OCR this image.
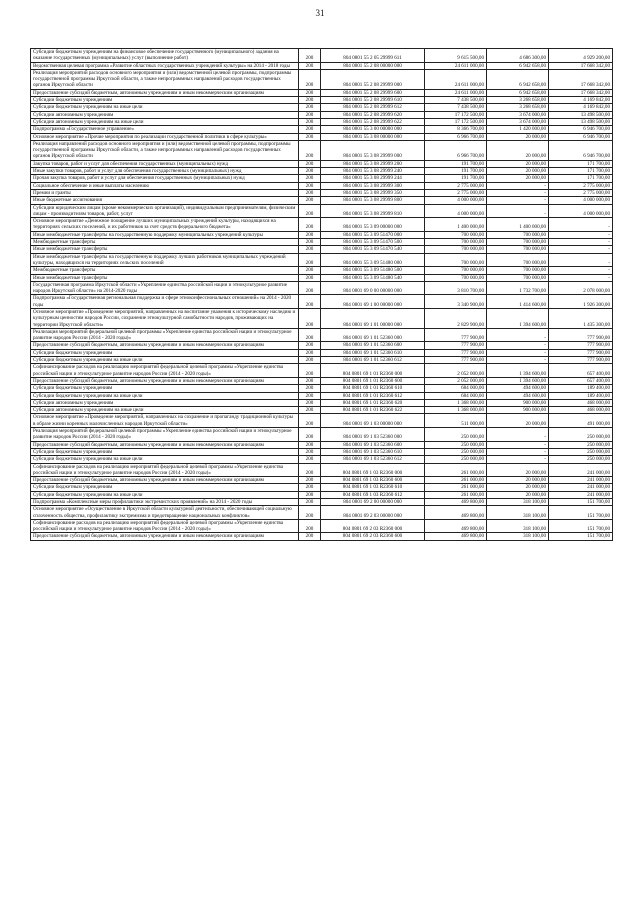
31
Субсидии бюджетным учреждениям на финансовое обеспечение государственного (муниципального) задания на оказание государственных (муниципальных) услуг (выполнение работ)	200	804 0801 55 2 05 29999 611	9 615 500,00	4 686 300,00	4 929 200,00
Ведомственная целевая программа «Развитие областных государственных учреждений культуры» на 2014 - 2018 годы	200	804 0801 55 2 08 00000 000	24 611 000,00	6 942 658,00	17 668 342,00
Реализация мероприятий расходов основного мероприятия и (или) ведомственной целевой программы, подпрограммы государственной программы Иркутской области, а также непрограммных направлений расходов государственных органов Иркутской области	200	804 0801 55 2 08 29999 000	24 611 000,00	6 942 658,00	17 668 342,00
Предоставление субсидий бюджетным, автономным учреждениям и иным некоммерческим организациям	200	804 0801 55 2 08 29999 600	24 611 000,00	6 942 658,00	17 668 342,00
Субсидии бюджетным учреждениям	200	804 0801 55 2 08 29999 610	7 438 500,00	3 268 658,00	4 169 842,00
Субсидии бюджетным учреждениям на иные цели	200	804 0801 55 2 08 29999 612	7 438 500,00	3 268 658,00	4 169 842,00
Субсидии автономным учреждениям	200	804 0801 55 2 08 29999 620	17 172 500,00	3 674 000,00	13 498 500,00
Субсидии автономным учреждениям на иные цели	200	804 0801 55 2 08 29999 622	17 172 500,00	3 674 000,00	13 498 500,00
Подпрограмма «Государственное управление»	200	804 0801 55 3 00 00000 000	8 366 700,00	1 420 000,00	6 946 700,00
Основное мероприятие «Прочие мероприятия по реализации государственной политики в сфере культуры»	200	804 0801 55 3 08 00000 000	6 966 700,00	20 000,00	6 946 700,00
Реализация направлений расходов основного мероприятия и (или) ведомственной целевой программы, подпрограммы государственной программы Иркутской области, а также непрограммных направлений расходов государственных органов Иркутской области	200	804 0801 55 3 08 29999 000	6 966 700,00	20 000,00	6 946 700,00
Закупка товаров, работ и услуг для обеспечения государственных (муниципальных) нужд	200	804 0801 55 3 08 29999 200	191 700,00	20 000,00	171 700,00
Иные закупки товаров, работ и услуг для обеспечения государственных (муниципальных) нужд	200	804 0801 55 3 08 29999 240	191 700,00	20 000,00	171 700,00
Прочая закупка товаров, работ и услуг для обеспечения государственных (муниципальных) нужд	200	804 0801 55 3 08 29999 244	191 700,00	20 000,00	171 700,00
Социальное обеспечение и иные выплаты населению	200	804 0801 55 3 08 29999 300	2 775 000,00	-	2 775 000,00
Премии и гранты	200	804 0801 55 3 08 29999 350	2 775 000,00	-	2 775 000,00
Иные бюджетные ассигнования	200	804 0801 55 3 08 29999 800	4 000 000,00	-	4 000 000,00
Субсидии юридическим лицам (кроме некоммерческих организаций), индивидуальным предпринимателям, физическим лицам - производителям товаров, работ, услуг	200	804 0801 55 3 08 29999 810	4 000 000,00	-	4 000 000,00
Основное мероприятие «Денежное поощрение лучших муниципальных учреждений культуры, находящихся на территориях сельских поселений, и их работников за счет средств федерального бюджета»	200	804 0801 55 3 09 00000 000	1 400 000,00	1 400 000,00	-
Иные межбюджетные трансферты на государственную поддержку муниципальных учреждений культуры	200	804 0801 55 3 09 51470 000	700 000,00	700 000,00	-
Межбюджетные трансферты	200	804 0801 55 3 09 51470 500	700 000,00	700 000,00	-
Иные межбюджетные трансферты	200	804 0801 55 3 09 51470 540	700 000,00	700 000,00	-
Иные межбюджетные трансферты на государственную поддержку лучших работников муниципальных учреждений культуры, находящихся на территориях сельских поселений	200	804 0801 55 3 09 51480 000	700 000,00	700 000,00	-
Межбюджетные трансферты	200	804 0801 55 3 09 51480 500	700 000,00	700 000,00	-
Иные межбюджетные трансферты	200	804 0801 55 3 09 51480 540	700 000,00	700 000,00	-
Государственная программа Иркутской области «Укрепление единства российской нации и этнокультурное развитие народов Иркутской области» на 2014-2020 годы	200	804 0801 69 0 00 00000 000	3 810 700,00	1 732 700,00	2 078 000,00
Подпрограмма «Государственная региональная поддержка и сфере этноконфессиональных отношений» на 2014 - 2020 годы	200	804 0801 69 1 00 00000 000	3 340 900,00	1 414 600,00	1 926 300,00
Основное мероприятие «Проведение мероприятий, направленных на воспитание уважения к историческому наследию и культурным ценностям народов России, сохранение этнокультурной самобытности народов, проживающих на территории Иркутской области»	200	804 0801 69 1 01 00000 000	2 829 900,00	1 394 600,00	1 435 300,00
Реализация мероприятий федеральной целевой программы «Укрепление единства российской нации и этнокультурное развитие народов России (2014 - 2020 годы)»	200	804 0801 69 1 01 52360 000	777 900,00	-	777 900,00
Предоставление субсидий бюджетным, автономным учреждениям и иным некоммерческим организациям	200	804 0801 69 1 01 52360 600	777 900,00	-	777 900,00
Субсидии бюджетным учреждениям	200	804 0801 69 1 01 52360 610	777 900,00	-	777 900,00
Субсидии бюджетным учреждениям на иные цели	200	804 0801 69 1 01 52360 612	777 900,00	-	777 900,00
Софинансирование расходов на реализацию мероприятий федеральной целевой программы «Укрепление единства российской нации и этнокультурное развитие народов России (2014 - 2020 годы)»	200	804 0801 69 1 01 R2360 000	2 052 000,00	1 394 600,00	657 400,00
Предоставление субсидий бюджетным, автономным учреждениям и иным некоммерческим организациям	200	804 0801 69 1 01 R2360 600	2 052 000,00	1 394 600,00	657 400,00
Субсидии бюджетным учреждениям	200	804 0801 69 1 01 R2360 610	684 000,00	494 600,00	189 400,00
Субсидии бюджетным учреждениям на иные цели	200	804 0801 69 1 01 R2360 612	684 000,00	494 600,00	189 400,00
Субсидии автономным учреждениям	200	804 0801 69 1 01 R2360 620	1 368 000,00	900 000,00	468 000,00
Субсидии автономным учреждениям на иные цели	200	804 0801 69 1 01 R2360 622	1 368 000,00	900 000,00	468 000,00
Основное мероприятие «Проведение мероприятий, направленных на сохранение и пропаганду традиционной культуры в образе жизни коренных малочисленных народов Иркутской области»	200	804 0801 69 1 03 00000 000	511 000,00	20 000,00	491 000,00
Реализация мероприятий федеральной целевой программы «Укрепление единства российской нации и этнокультурное развитие народов России (2014 - 2020 годы)»	200	804 0801 69 1 03 52360 000	250 000,00	-	250 000,00
Предоставление субсидий бюджетным, автономным учреждениям и иным некоммерческим организациям	200	804 0801 69 1 03 52360 600	250 000,00	-	250 000,00
Субсидии бюджетным учреждениям	200	804 0801 69 1 03 52360 610	250 000,00	-	250 000,00
Субсидии бюджетным учреждениям на иные цели	200	804 0801 69 1 03 52360 612	250 000,00	-	250 000,00
Софинансирование расходов на реализацию мероприятий федеральной целевой программы «Укрепление единства российской нации и этнокультурное развитие народов России (2014 - 2020 годы)»	200	804 0801 69 1 03 R2360 000	261 000,00	20 000,00	241 000,00
Предоставление субсидий бюджетным, автономным учреждениям и иным некоммерческим организациям	200	804 0801 69 1 03 R2360 600	261 000,00	20 000,00	241 000,00
Субсидии бюджетным учреждениям	200	804 0801 69 1 03 R2360 610	261 000,00	20 000,00	241 000,00
Субсидии бюджетным учреждениям на иные цели	200	804 0801 69 1 03 R2360 612	261 000,00	20 000,00	241 000,00
Подпрограмма «Комплексные меры профилактики экстремистских проявлений» на 2014 - 2020 годы	200	804 0801 69 2 00 00000 000	469 800,00	318 100,00	151 700,00
Основное мероприятие «Осуществление в Иркутской области культурной деятельности, обеспечивающей социальную сплоченность общества, профилактику экстремизма и предотвращение национальных конфликтов»	200	804 0801 69 2 03 00000 000	469 800,00	318 100,00	151 700,00
Софинансирование расходов на реализацию мероприятий федеральной целевой программы «Укрепление единства российской нации и этнокультурное развитие народов России (2014 - 2020 годы)»	200	804 0801 69 2 03 R2360 000	469 800,00	318 100,00	151 700,00
Предоставление субсидий бюджетным, автономным учреждениям и иным некоммерческим организациям	200	804 0801 69 2 03 R2360 600	469 800,00	318 100,00	151 700,00
